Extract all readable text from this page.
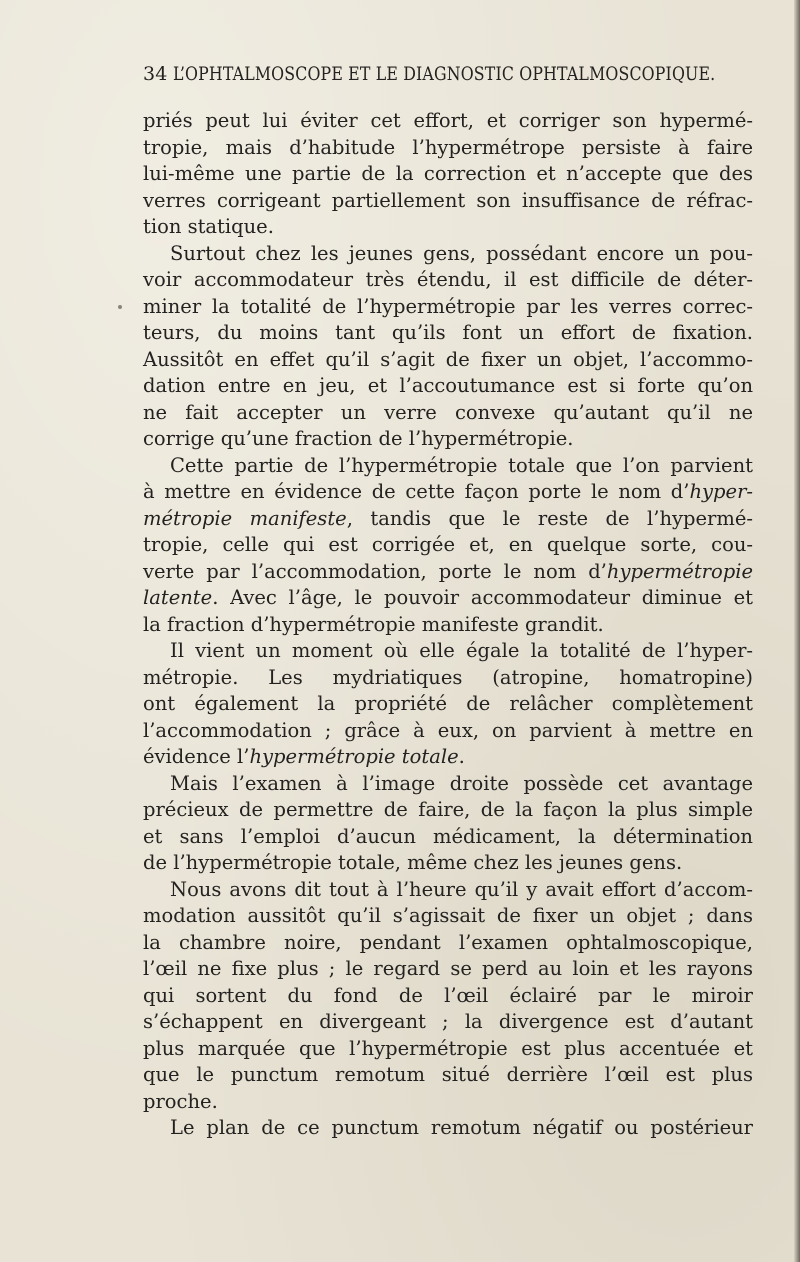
34 L’OPHTALMOSCOPE ET LE DIAGNOSTIC OPHTALMOSCOPIQUE.
priés peut lui éviter cet effort, et corriger son hypermé-
tropie, mais d’habitude l’hypermétrope persiste à faire
lui-même une partie de la correction et n’accepte que des
verres corrigeant partiellement son insuffisance de réfrac-
tion statique.
Surtout chez les jeunes gens, possédant encore un pou-
voir accommodateur très étendu, il est difficile de déter-
miner la totalité de l’hypermétropie par les verres correc-
teurs, du moins tant qu’ils font un effort de fixation.
Aussitôt en effet qu’il s’agit de fixer un objet, l’accommo-
dation entre en jeu, et l’accoutumance est si forte qu’on
ne fait accepter un verre convexe qu’autant qu’il ne
corrige qu’une fraction de l’hypermétropie.
Cette partie de l’hypermétropie totale que l’on parvient
à mettre en évidence de cette façon porte le nom d’hyper-
métropie manifeste, tandis que le reste de l’hypermé-
tropie, celle qui est corrigée et, en quelque sorte, cou-
verte par l’accommodation, porte le nom d’hypermétropie
latente. Avec l’âge, le pouvoir accommodateur diminue et
la fraction d’hypermétropie manifeste grandit.
Il vient un moment où elle égale la totalité de l’hyper-
métropie. Les mydriatiques (atropine, homatropine)
ont également la propriété de relâcher complètement
l’accommodation ; grâce à eux, on parvient à mettre en
évidence l’hypermétropie totale.
Mais l’examen à l’image droite possède cet avantage
précieux de permettre de faire, de la façon la plus simple
et sans l’emploi d’aucun médicament, la détermination
de l’hypermétropie totale, même chez les jeunes gens.
Nous avons dit tout à l’heure qu’il y avait effort d’accom-
modation aussitôt qu’il s’agissait de fixer un objet ; dans
la chambre noire, pendant l’examen ophtalmoscopique,
l’œil ne fixe plus ; le regard se perd au loin et les rayons
qui sortent du fond de l’œil éclairé par le miroir
s’échappent en divergeant ; la divergence est d’autant
plus marquée que l’hypermétropie est plus accentuée et
que le punctum remotum situé derrière l’œil est plus
proche.
Le plan de ce punctum remotum négatif ou postérieur
